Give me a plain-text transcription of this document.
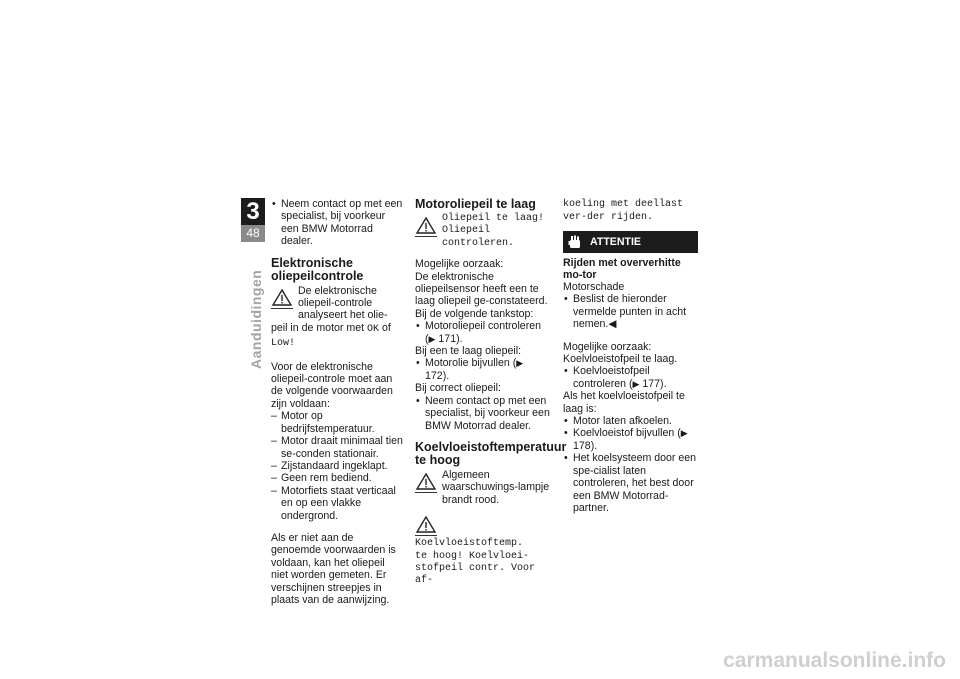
3
48
Aanduidingen

• Neem contact op met een specialist, bij voorkeur een BMW Motorrad dealer.

Elektronische oliepeilcontrole

De elektronische oliepeil-controle analyseert het olie-peil in de motor met OK of Low!

Voor de elektronische oliepeil-controle moet aan de volgende voorwaarden zijn voldaan:

– Motor op bedrijfstemperatuur.

– Motor draait minimaal tien se-conden stationair.

– Zijstandaard ingeklapt.

– Geen rem bediend.

– Motorfiets staat verticaal en op een vlakke ondergrond.

Als er niet aan de genoemde voorwaarden is voldaan, kan het oliepeil niet worden gemeten. Er verschijnen streepjes in plaats van de aanwijzing.

Motoroliepeil te laag

Oliepeil te laag!

Oliepeil controleren.

Mogelijke oorzaak:

De elektronische oliepeilsensor heeft een te laag oliepeil ge-constateerd. Bij de volgende tankstop:

• Motoroliepeil controleren (▶ 171).

Bij een te laag oliepeil:

• Motorolie bijvullen (▶ 172).

Bij correct oliepeil:

• Neem contact op met een specialist, bij voorkeur een BMW Motorrad dealer.

Koelvloeistoftemperatuur te hoog

Algemeen waarschuwings-lampje brandt rood.

Koelvloeistoftemp.

te hoog! Koelvloei-

stofpeil contr. Voor af-

koeling met deellast ver-der rijden.

ATTENTIE

Rijden met oververhitte mo-tor

Motorschade

• Beslist de hieronder vermelde punten in acht nemen.◀

Mogelijke oorzaak:

Koelvloeistofpeil te laag.

• Koelvloeistofpeil controleren (▶ 177).

Als het koelvloeistofpeil te laag is:

• Motor laten afkoelen.

• Koelvloeistof bijvullen (▶ 178).

• Het koelsysteem door een spe-cialist laten controleren, het best door een BMW Motorrad-partner.

carmanualsonline.info
